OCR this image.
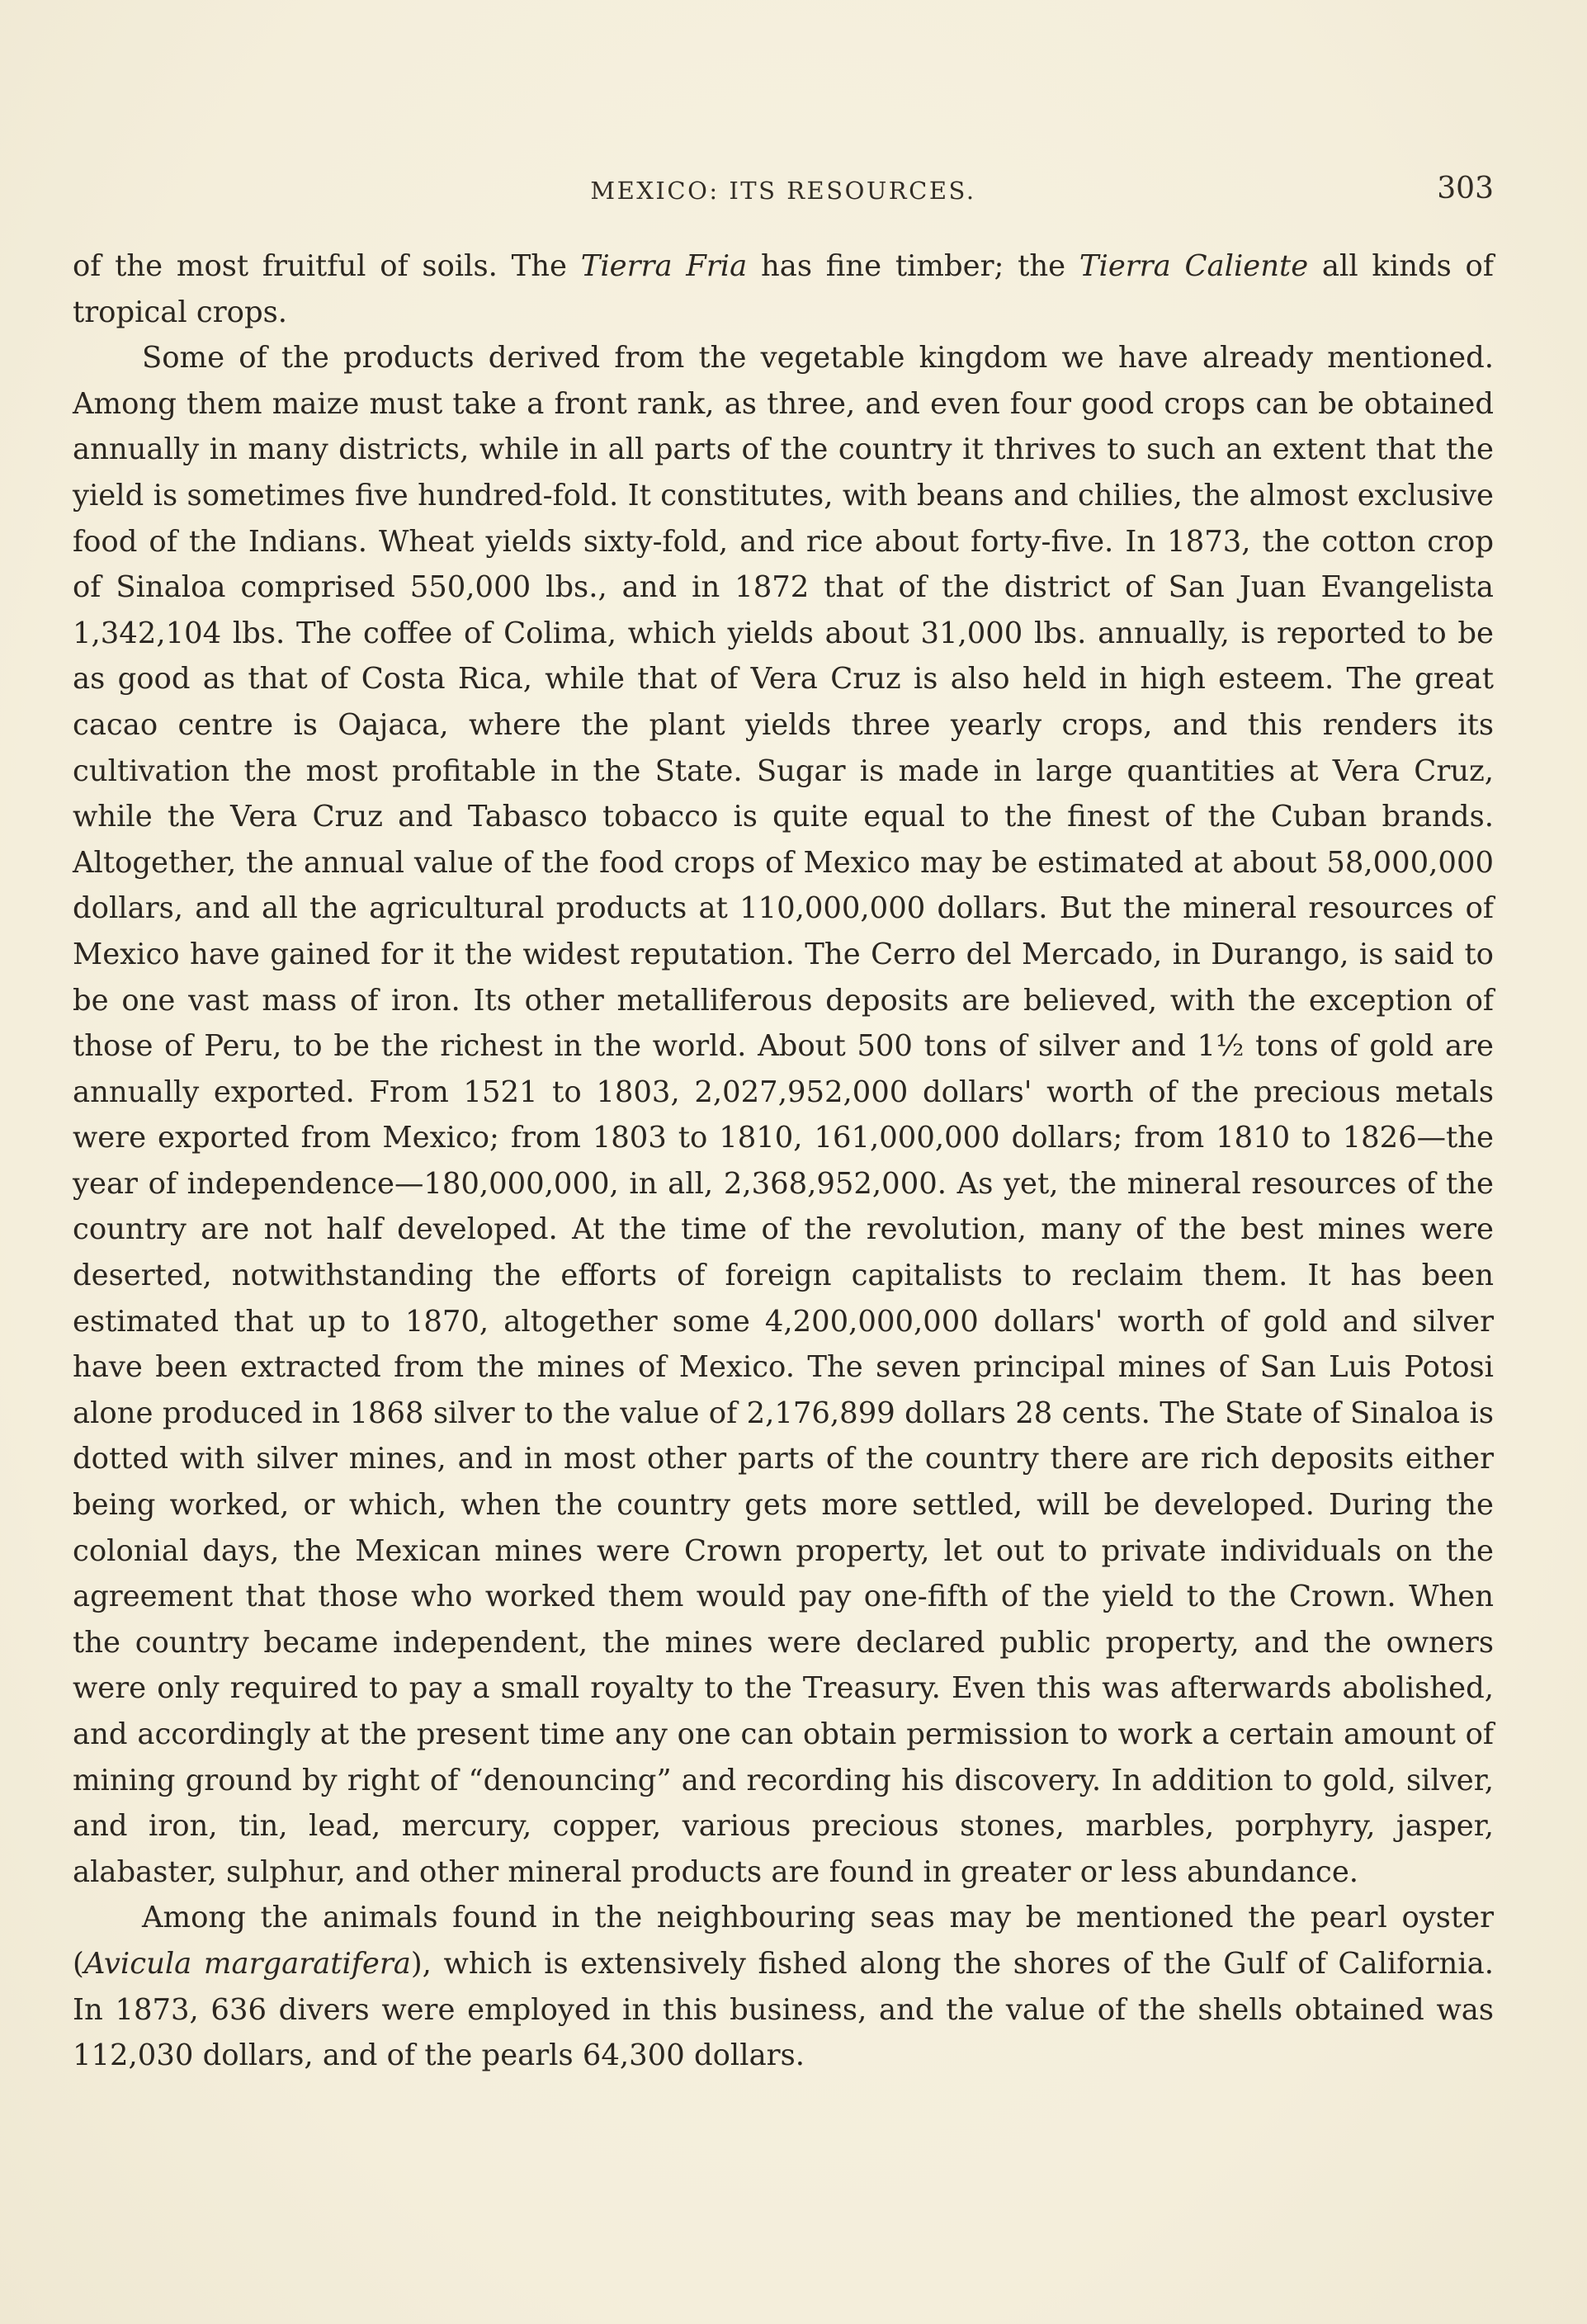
MEXICO: ITS RESOURCES.	303

of the most fruitful of soils. The Tierra Fria has fine timber; the Tierra Caliente all kinds of tropical crops.

Some of the products derived from the vegetable kingdom we have already mentioned. Among them maize must take a front rank, as three, and even four good crops can be obtained annually in many districts, while in all parts of the country it thrives to such an extent that the yield is sometimes five hundred-fold. It constitutes, with beans and chilies, the almost exclusive food of the Indians. Wheat yields sixty-fold, and rice about forty-five. In 1873, the cotton crop of Sinaloa comprised 550,000 lbs., and in 1872 that of the district of San Juan Evangelista 1,342,104 lbs. The coffee of Colima, which yields about 31,000 lbs. annually, is reported to be as good as that of Costa Rica, while that of Vera Cruz is also held in high esteem. The great cacao centre is Oajaca, where the plant yields three yearly crops, and this renders its cultivation the most profitable in the State. Sugar is made in large quantities at Vera Cruz, while the Vera Cruz and Tabasco tobacco is quite equal to the finest of the Cuban brands. Altogether, the annual value of the food crops of Mexico may be estimated at about 58,000,000 dollars, and all the agricultural products at 110,000,000 dollars. But the mineral resources of Mexico have gained for it the widest reputation. The Cerro del Mercado, in Durango, is said to be one vast mass of iron. Its other metalliferous deposits are believed, with the exception of those of Peru, to be the richest in the world. About 500 tons of silver and 1½ tons of gold are annually exported. From 1521 to 1803, 2,027,952,000 dollars' worth of the precious metals were exported from Mexico; from 1803 to 1810, 161,000,000 dollars; from 1810 to 1826—the year of independence—180,000,000, in all, 2,368,952,000. As yet, the mineral resources of the country are not half developed. At the time of the revolution, many of the best mines were deserted, notwithstanding the efforts of foreign capitalists to reclaim them. It has been estimated that up to 1870, altogether some 4,200,000,000 dollars' worth of gold and silver have been extracted from the mines of Mexico. The seven principal mines of San Luis Potosi alone produced in 1868 silver to the value of 2,176,899 dollars 28 cents. The State of Sinaloa is dotted with silver mines, and in most other parts of the country there are rich deposits either being worked, or which, when the country gets more settled, will be developed. During the colonial days, the Mexican mines were Crown property, let out to private individuals on the agreement that those who worked them would pay one-fifth of the yield to the Crown. When the country became independent, the mines were declared public property, and the owners were only required to pay a small royalty to the Treasury. Even this was afterwards abolished, and accordingly at the present time any one can obtain permission to work a certain amount of mining ground by right of “denouncing” and recording his discovery. In addition to gold, silver, and iron, tin, lead, mercury, copper, various precious stones, marbles, porphyry, jasper, alabaster, sulphur, and other mineral products are found in greater or less abundance.

Among the animals found in the neighbouring seas may be mentioned the pearl oyster (Avicula margaratifera), which is extensively fished along the shores of the Gulf of California. In 1873, 636 divers were employed in this business, and the value of the shells obtained was 112,030 dollars, and of the pearls 64,300 dollars.
